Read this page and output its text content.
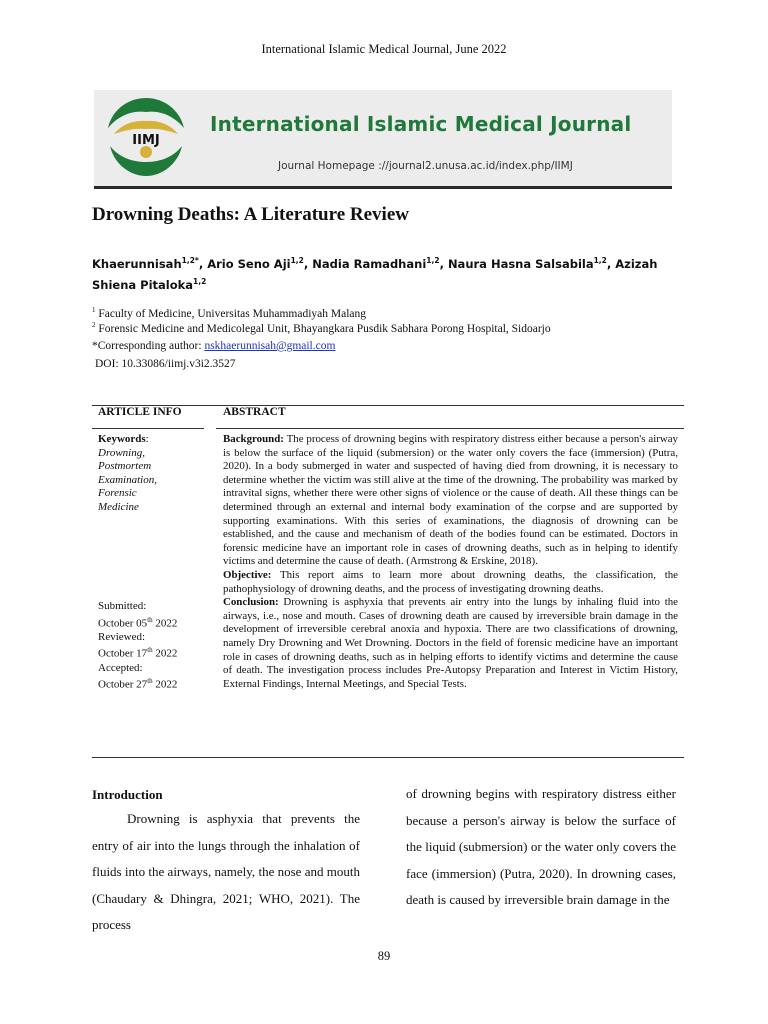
International Islamic Medical Journal, June 2022
IIMJ
International Islamic Medical Journal
Journal Homepage ://journal2.unusa.ac.id/index.php/IIMJ
Drowning Deaths: A Literature Review
Khaerunnisah$^{1,2*}$, Ario Seno Aji$^{1,2}$, Nadia Ramadhani$^{1,2}$, Naura Hasna Salsabila$^{1,2}$, Azizah Shiena Pitaloka$^{1,2}$
$^1$ Faculty of Medicine, Universitas Muhammadiyah Malang
$^2$ Forensic Medicine and Medicolegal Unit, Bhayangkara Pusdik Sabhara Porong Hospital, Sidoarjo
*Corresponding author: nskhaerunnisah@gmail.com
DOI: 10.33086/iimj.v3i2.3527
ARTICLE INFO	ABSTRACT
Keywords:

Drowning, Postmortem Examination, Forensic Medicine
Submitted:
October 05th 2022
Reviewed:
October 17th 2022
Accepted:
October 27th 2022

Background: The process of drowning begins with respiratory distress either because a person's airway is below the surface of the liquid (submersion) or the water only covers the face (immersion) (Putra, 2020). In a body submerged in water and suspected of having died from drowning, it is necessary to determine whether the victim was still alive at the time of the drowning. The probability was marked by intravital signs, whether there were other signs of violence or the cause of death. All these things can be determined through an external and internal body examination of the corpse and are supported by supporting examinations. With this series of examinations, the diagnosis of drowning can be established, and the cause and mechanism of death of the bodies found can be estimated. Doctors in forensic medicine have an important role in cases of drowning deaths, such as in helping to identify victims and determine the cause of death. (Armstrong & Erskine, 2018).

Objective: This report aims to learn more about drowning deaths, the classification, the pathophysiology of drowning deaths, and the process of investigating drowning deaths.

Conclusion: Drowning is asphyxia that prevents air entry into the lungs by inhaling fluid into the airways, i.e., nose and mouth. Cases of drowning death are caused by irreversible brain damage in the development of irreversible cerebral anoxia and hypoxia. There are two classifications of drowning, namely Dry Drowning and Wet Drowning. Doctors in the field of forensic medicine have an important role in cases of drowning deaths, such as in helping efforts to identify victims and determine the cause of death. The investigation process includes Pre-Autopsy Preparation and Interest in Victim History, External Findings, Internal Meetings, and Special Tests.

Introduction
Drowning is asphyxia that prevents the entry of air into the lungs through the inhalation of fluids into the airways, namely, the nose and mouth (Chaudary & Dhingra, 2021; WHO, 2021). The process
of drowning begins with respiratory distress either because a person's airway is below the surface of the liquid (submersion) or the water only covers the face (immersion) (Putra, 2020). In drowning cases, death is caused by irreversible brain damage in the
89
